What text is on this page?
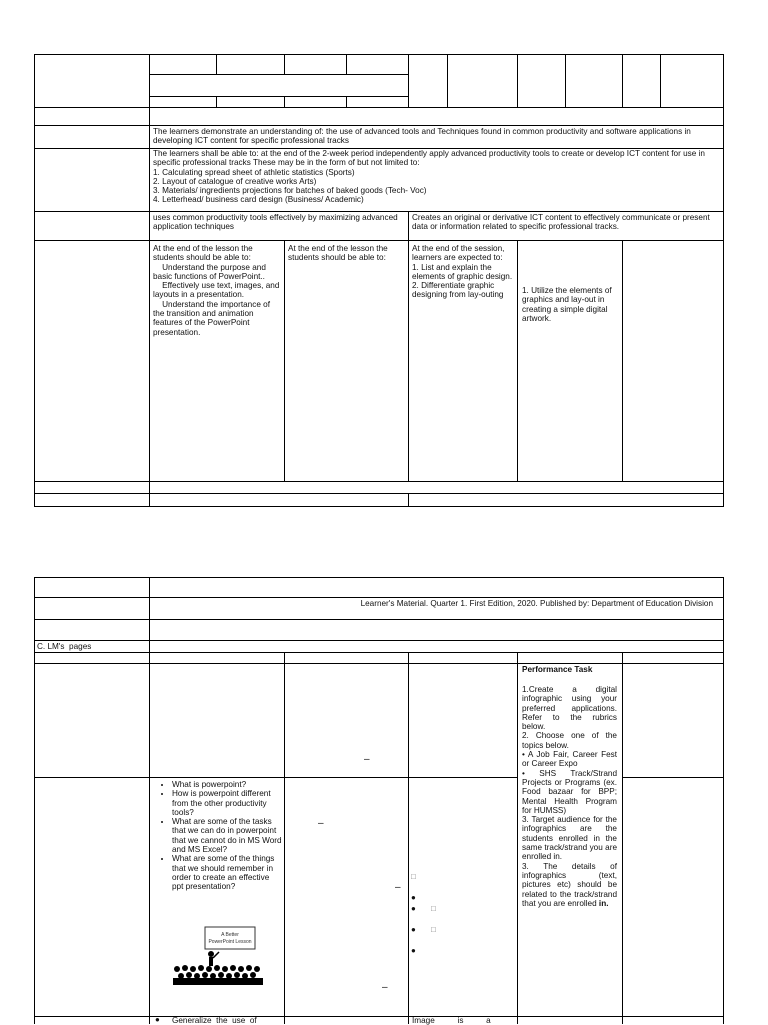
The learners demonstrate an understanding of: the use of advanced tools and Techniques found in common productivity and software applications in developing ICT content for specific professional tracks
The learners shall be able to: at the end of the 2-week period independently apply advanced productivity tools to create or develop ICT content for use in specific professional tracks These may be in the form of but not limited to:
1. Calculating spread sheet of athletic statistics (Sports)
2. Layout of catalogue of creative works Arts)
3. Materials/ ingredients projections for batches of baked goods (Tech- Voc)
4. Letterhead/ business card design (Business/ Academic)
uses common productivity tools effectively by maximizing advanced application techniques
Creates an original or derivative ICT content to effectively communicate or present data or information related to specific professional tracks.
At the end of the lesson the students should be able to:
Understand the purpose and basic functions of PowerPoint..
Effectively use text, images, and layouts in a presentation.
Understand the importance of  the transition and animation features of the PowerPoint presentation.
At the end of the lesson the students should be able to:
At the end of the session, learners are expected to:
1. List and explain the elements of graphic design.
2. Differentiate graphic designing from lay-outing	1. Utilize the elements of graphics and lay-out in creating a simple digital artwork.
Learner's Material. Quarter 1. First Edition, 2020. Published by: Department of Education Division
C. LM's  pages
Performance Task
1.Create a digital infographic using your preferred applications. Refer to the rubrics below.
2. Choose one of the topics below.
• A Job Fair, Career Fest or Career Expo
• SHS Track/Strand Projects or Programs (ex. Food bazaar for BPP; Mental Health Program for HUMSS)
3. Target audience for the infographics are the students enrolled in the same track/strand you are enrolled in.
3. The details of infographics (text, pictures etc) should be related to the track/strand that you are enrolled in.
• What is powerpoint?
• How is powerpoint different from the other productivity tools?
• What are some of the tasks that we can do in powerpoint that we cannot do in MS Word and MS Excel?
• What are some of the things that we should remember in order to create an effective ppt presentation?
A Better
PowerPoint Lesson
–
–
–
–
□
●
● □
● □
●
● Generalize  the  use  of	Image          is          a
